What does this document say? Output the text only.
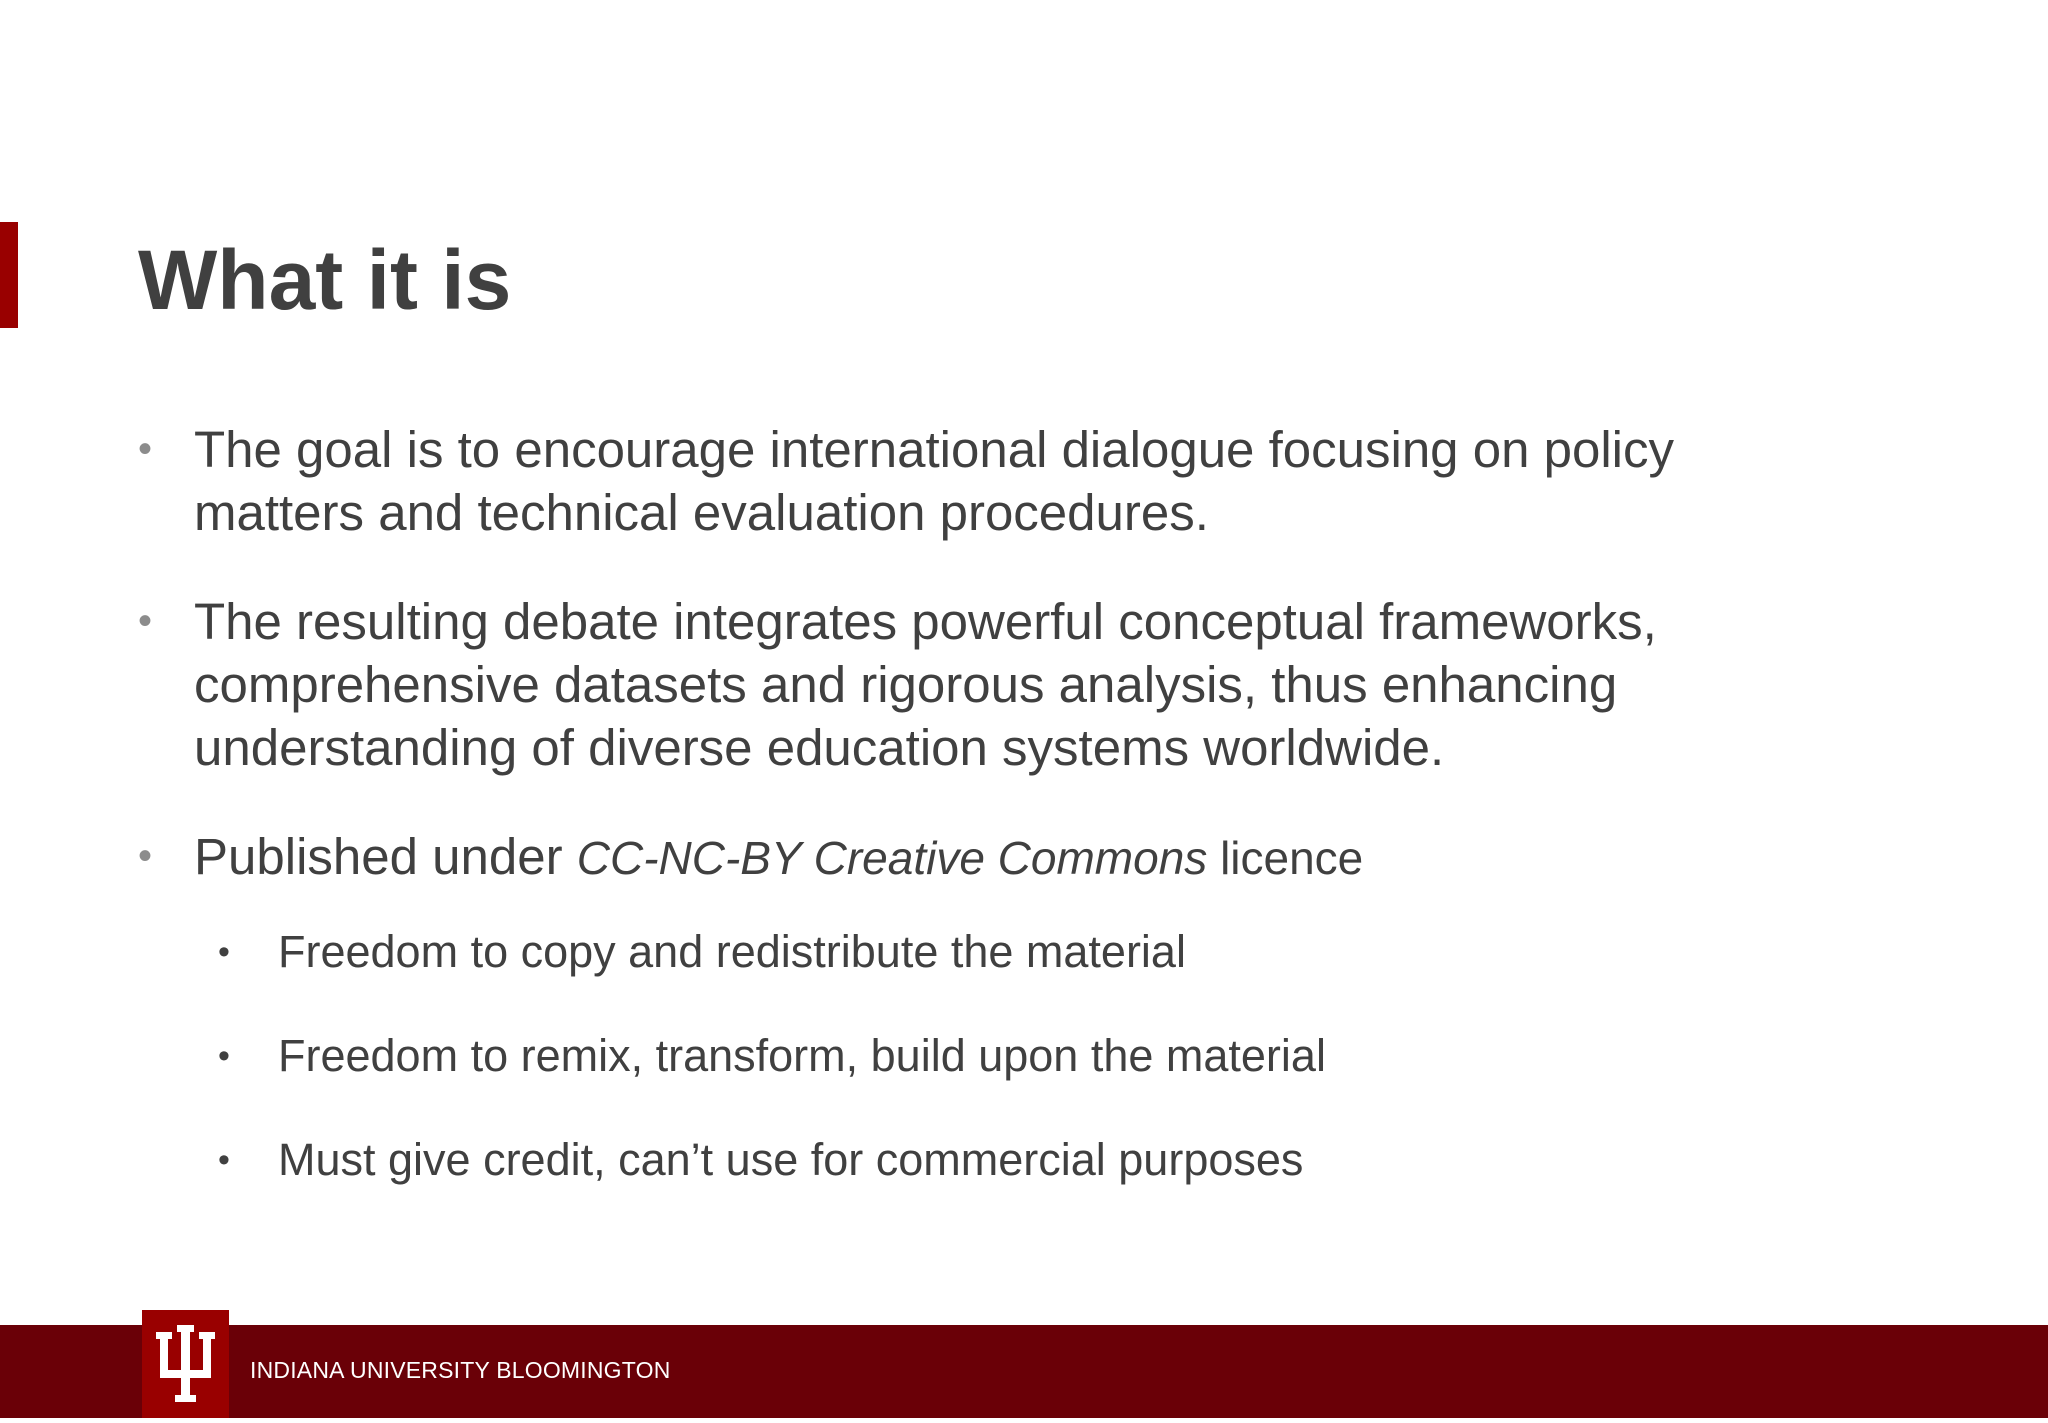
What it is
• The goal is to encourage international dialogue focusing on policy
matters and technical evaluation procedures.
• The resulting debate integrates powerful conceptual frameworks,
comprehensive datasets and rigorous analysis, thus enhancing
understanding of diverse education systems worldwide.
• Published under CC-NC-BY Creative Commons licence
• Freedom to copy and redistribute the material
• Freedom to remix, transform, build upon the material
• Must give credit, can’t use for commercial purposes
INDIANA UNIVERSITY BLOOMINGTON
